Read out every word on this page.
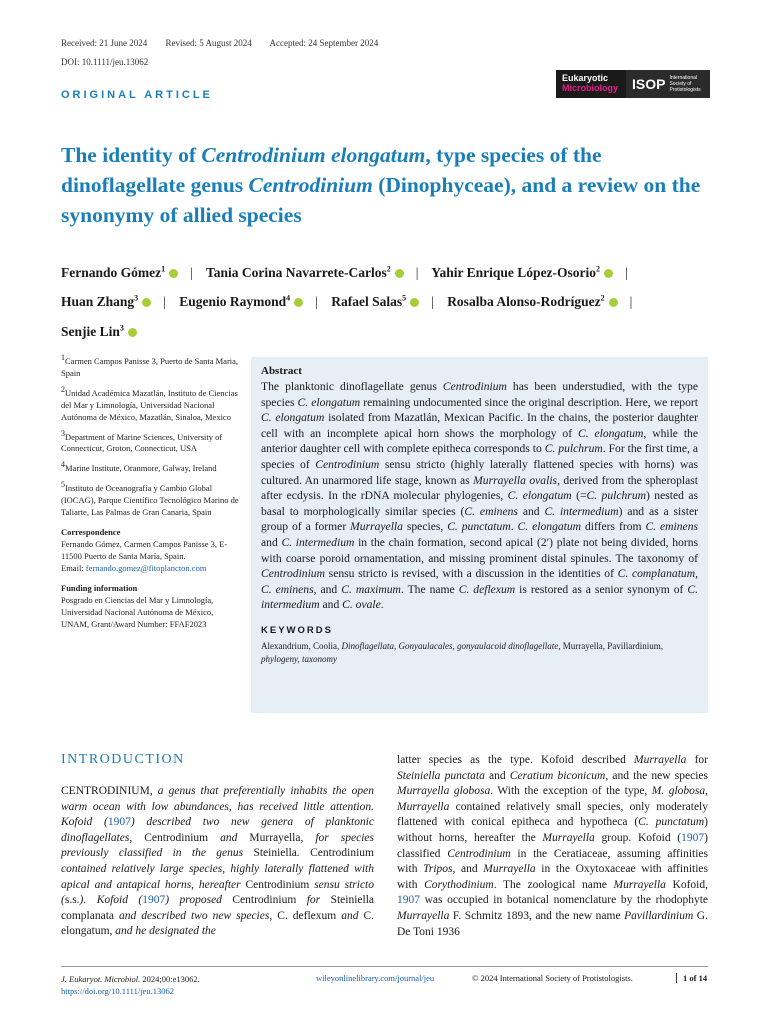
Received: 21 June 2024 Revised: 5 August 2024 Accepted: 24 September 2024
DOI: 10.1111/jeu.13062
ORIGINAL ARTICLE
Eukaryotic
Microbiology	ISOP International Society of Protistologists
The identity of Centrodinium elongatum, type species of the dinoflagellate genus Centrodinium (Dinophyceae), and a review on the synonymy of allied species
Fernando Gómez$^1$ | Tania Corina Navarrete-Carlos$^2$ | Yahir Enrique López-Osorio$^2$ |
Huan Zhang$^3$ | Eugenio Raymond$^4$ | Rafael Salas$^5$ | Rosalba Alonso-Rodríguez$^2$ |
Senjie Lin$^3$

$^1$Carmen Campos Panisse 3, Puerto de Santa Maria, Spain

$^2$Unidad Académica Mazatlán, Instituto de Ciencias del Mar y Limnología, Universidad Nacional Autónoma de México, Mazatlán, Sinaloa, Mexico

$^3$Department of Marine Sciences, University of Connecticut, Groton, Connecticut, USA

$^4$Marine Institute, Oranmore, Galway, Ireland

$^5$Instituto de Oceanografía y Cambio Global (IOCAG), Parque Científico Tecnológico Marino de Taliarte, Las Palmas de Gran Canaria, Spain

Correspondence

Fernando Gómez, Carmen Campos Panisse 3, E-11500 Puerto de Santa María, Spain.
Email: fernando.gomez@fitoplancton.com

Funding information

Posgrado en Ciencias del Mar y Limnología, Universidad Nacional Autónoma de México, UNAM, Grant/Award Number: FFAF2023

Abstract

The planktonic dinoflagellate genus Centrodinium has been understudied, with the type species C. elongatum remaining undocumented since the original description. Here, we report C. elongatum isolated from Mazatlán, Mexican Pacific. In the chains, the posterior daughter cell with an incomplete apical horn shows the morphology of C. elongatum, while the anterior daughter cell with complete epitheca corresponds to C. pulchrum. For the first time, a species of Centrodinium sensu stricto (highly laterally flattened species with horns) was cultured. An unarmored life stage, known as Murrayella ovalis, derived from the spheroplast after ecdysis. In the rDNA molecular phylogenies, C. elongatum (=C. pulchrum) nested as basal to morphologically similar species (C. eminens and C. intermedium) and as a sister group of a former Murrayella species, C. punctatum. C. elongatum differs from C. eminens and C. intermedium in the chain formation, second apical (2′) plate not being divided, horns with coarse poroid ornamentation, and missing prominent distal spinules. The taxonomy of Centrodinium sensu stricto is revised, with a discussion in the identities of C. complanatum, C. eminens, and C. maximum. The name C. deflexum is restored as a senior synonym of C. intermedium and C. ovale.

KEYWORDS
Alexandrium, Coolia, Dinoflagellata, Gonyaulacales, gonyaulacoid dinoflagellate, Murrayella, Pavillardinium, phylogeny, taxonomy
INTRODUCTION

CENTRODINIUM, a genus that preferentially inhabits the open warm ocean with low abundances, has received little attention. Kofoid (1907) described two new genera of planktonic dinoflagellates, Centrodinium and Murrayella, for species previously classified in the genus Steiniella. Centrodinium contained relatively large species, highly laterally flattened with apical and antapical horns, hereafter Centrodinium sensu stricto (s.s.). Kofoid (1907) proposed Centrodinium for Steiniella complanata and described two new species, C. deflexum and C. elongatum, and he designated the

latter species as the type. Kofoid described Murrayella for Steiniella punctata and Ceratium biconicum, and the new species Murrayella globosa. With the exception of the type, M. globosa, Murrayella contained relatively small species, only moderately flattened with conical epitheca and hypotheca (C. punctatum) without horns, hereafter the Murrayella group. Kofoid (1907) classified Centrodinium in the Ceratiaceae, assuming affinities with Tripos, and Murrayella in the Oxytoxaceae with affinities with Corythodinium. The zoological name Murrayella Kofoid, 1907 was occupied in botanical nomenclature by the rhodophyte Murrayella F. Schmitz 1893, and the new name Pavillardinium G. De Toni 1936

J. Eukaryot. Microbiol. 2024;00:e13062.
https://doi.org/10.1111/jeu.13062
wileyonlinelibrary.com/journal/jeu	© 2024 International Society of Protistologists.	1 of 14
